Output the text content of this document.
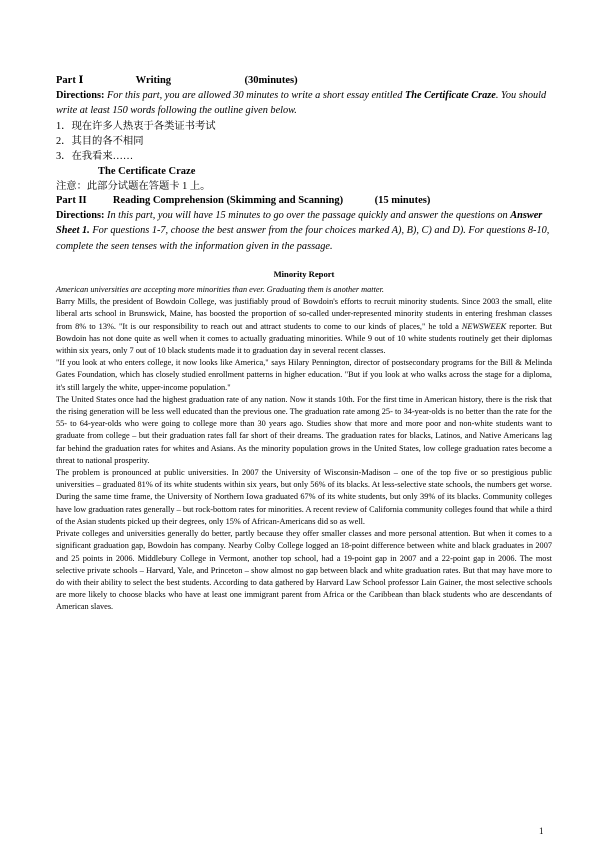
Part Ⅰ                    Writing                            (30minutes)

Directions: For this part, you are allowed 30 minutes to write a short essay entitled The Certificate Craze. You should write at least 150 words following the outline given below.

1．现在许多人热衷于各类证书考试
2．其目的各不相同
3．在我看来……
The Certificate Craze
注意：此部分试题在答题卡 1 上。
Part II          Reading Comprehension (Skimming and Scanning)            (15 minutes)

Directions: In this part, you will have 15 minutes to go over the passage quickly and answer the questions on Answer Sheet 1. For questions 1-7, choose the best answer from the four choices marked A), B), C) and D). For questions 8-10, complete the seen tenses with the information given in the passage.

Minority Report
American universities are accepting more minorities than ever. Graduating them is another matter.

Barry Mills, the president of Bowdoin College, was justifiably proud of Bowdoin's efforts to recruit minority students. Since 2003 the small, elite liberal arts school in Brunswick, Maine, has boosted the proportion of so-called under-represented minority students in entering freshman classes from 8% to 13%. "It is our responsibility to reach out and attract students to come to our kinds of places," he told a NEWSWEEK reporter. But Bowdoin has not done quite as well when it comes to actually graduating minorities. While 9 out of 10 white students routinely get their diplomas within six years, only 7 out of 10 black students made it to graduation day in several recent classes.

"If you look at who enters college, it now looks like America," says Hilary Pennington, director of postsecondary programs for the Bill & Melinda Gates Foundation, which has closely studied enrollment patterns in higher education. "But if you look at who walks across the stage for a diploma, it's still largely the white, upper-income population."

The United States once had the highest graduation rate of any nation. Now it stands 10th. For the first time in American history, there is the risk that the rising generation will be less well educated than the previous one. The graduation rate among 25- to 34-year-olds is no better than the rate for the 55- to 64-year-olds who were going to college more than 30 years ago. Studies show that more and more poor and non-white students want to graduate from college – but their graduation rates fall far short of their dreams. The graduation rates for blacks, Latinos, and Native Americans lag far behind the graduation rates for whites and Asians. As the minority population grows in the United States, low college graduation rates become a threat to national prosperity.

The problem is pronounced at public universities. In 2007 the University of Wisconsin-Madison – one of the top five or so prestigious public universities – graduated 81% of its white students within six years, but only 56% of its blacks. At less-selective state schools, the numbers get worse. During the same time frame, the University of Northern Iowa graduated 67% of its white students, but only 39% of its blacks. Community colleges have low graduation rates generally – but rock-bottom rates for minorities. A recent review of California community colleges found that while a third of the Asian students picked up their degrees, only 15% of African-Americans did so as well.

Private colleges and universities generally do better, partly because they offer smaller classes and more personal attention. But when it comes to a significant graduation gap, Bowdoin has company. Nearby Colby College logged an 18-point difference between white and black graduates in 2007 and 25 points in 2006. Middlebury College in Vermont, another top school, had a 19-point gap in 2007 and a 22-point gap in 2006. The most selective private schools – Harvard, Yale, and Princeton – show almost no gap between black and white graduation rates. But that may have more to do with their ability to select the best students. According to data gathered by Harvard Law School professor Lain Gainer, the most selective schools are more likely to choose blacks who have at least one immigrant parent from Africa or the Caribbean than black students who are descendants of American slaves.

1
